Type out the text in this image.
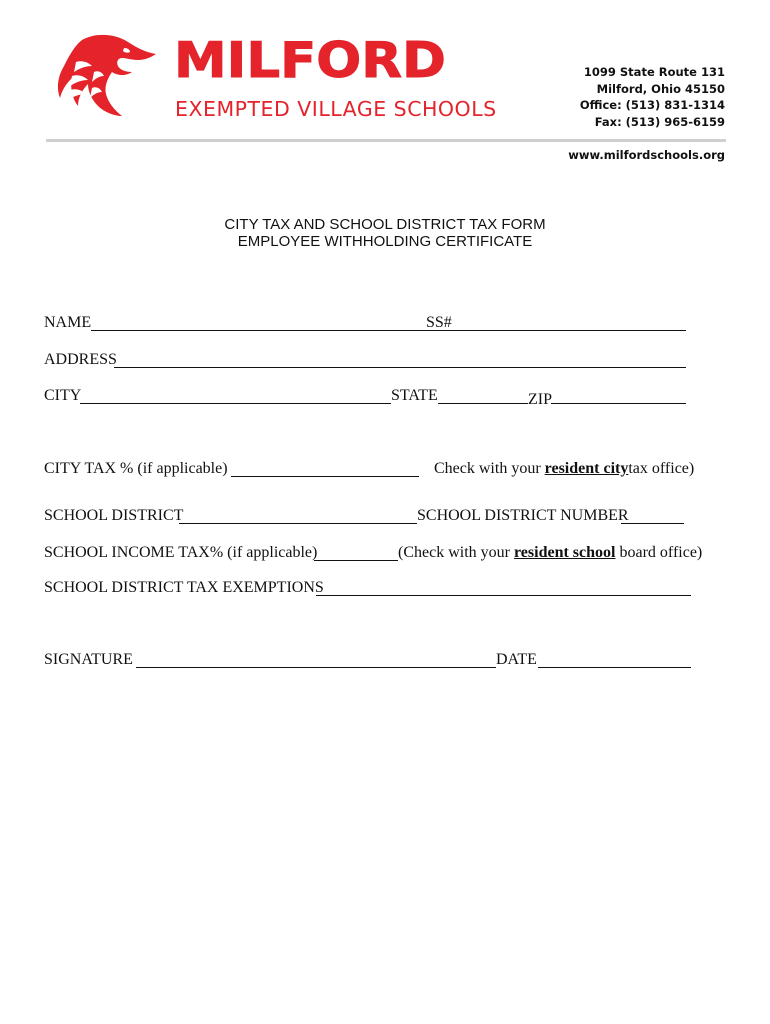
MILFORD
EXEMPTED VILLAGE SCHOOLS
1099 State Route 131
Milford, Ohio 45150
Office: (513) 831-1314
Fax: (513) 965-6159
www.milfordschools.org
CITY TAX AND SCHOOL DISTRICT TAX FORM
EMPLOYEE WITHHOLDING CERTIFICATE
NAME	SS#
ADDRESS
CITY	STATE	ZIP
CITY TAX % (if applicable)	Check with your resident citytax office)
SCHOOL DISTRICT	SCHOOL DISTRICT NUMBER
SCHOOL INCOME TAX% (if applicable)	(Check with your resident school board office)
SCHOOL DISTRICT TAX EXEMPTIONS
SIGNATURE	DATE
